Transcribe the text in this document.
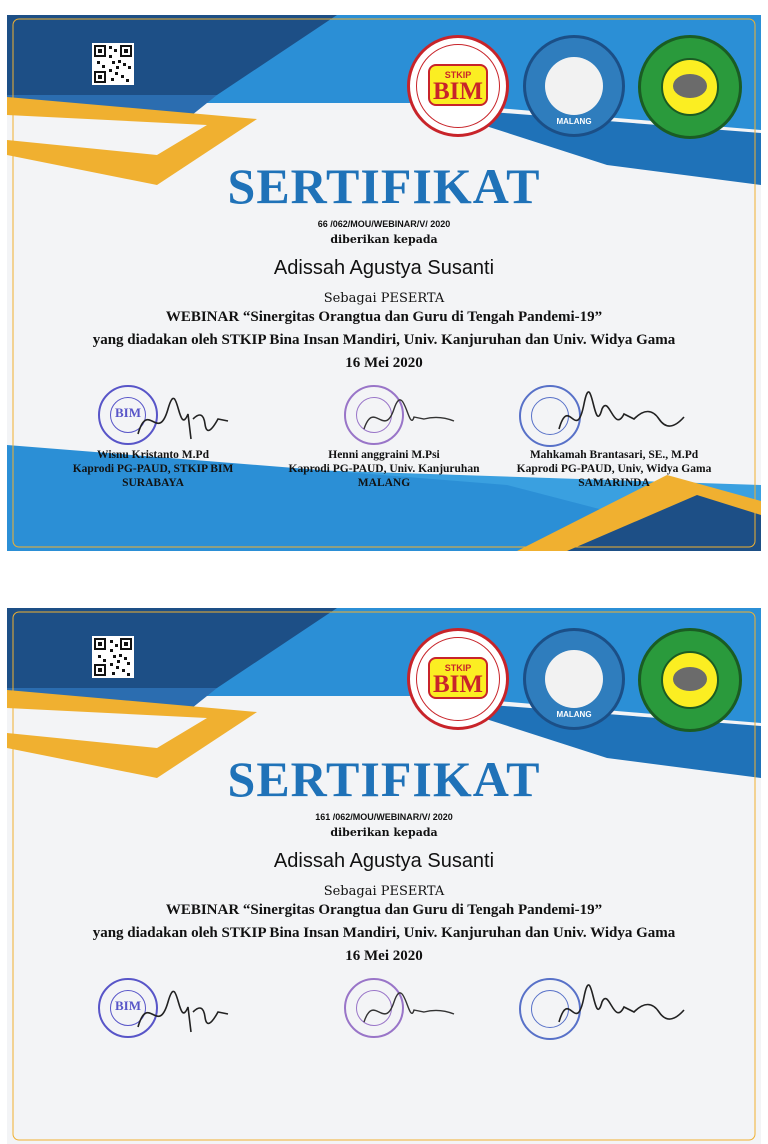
STKIP
BIM
MALANG
SERTIFIKAT
66 /062/MOU/WEBINAR/V/ 2020
diberikan kepada
Adissah Agustya Susanti
Sebagai PESERTA
WEBINAR “Sinergitas Orangtua dan Guru di Tengah Pandemi-19”
yang diadakan oleh STKIP Bina Insan Mandiri, Univ. Kanjuruhan dan Univ. Widya Gama
16 Mei 2020
BIM
Wisnu Kristanto M.Pd
Kaprodi PG-PAUD, STKIP BIM
SURABAYA
Henni anggraini M.Psi
Kaprodi PG-PAUD, Univ. Kanjuruhan
MALANG
Mahkamah Brantasari, SE., M.Pd
Kaprodi PG-PAUD, Univ, Widya Gama
SAMARINDA
STKIP
BIM
MALANG
SERTIFIKAT
161 /062/MOU/WEBINAR/V/ 2020
diberikan kepada
Adissah Agustya Susanti
Sebagai PESERTA
WEBINAR “Sinergitas Orangtua dan Guru di Tengah Pandemi-19”
yang diadakan oleh STKIP Bina Insan Mandiri, Univ. Kanjuruhan dan Univ. Widya Gama
16 Mei 2020
BIM
